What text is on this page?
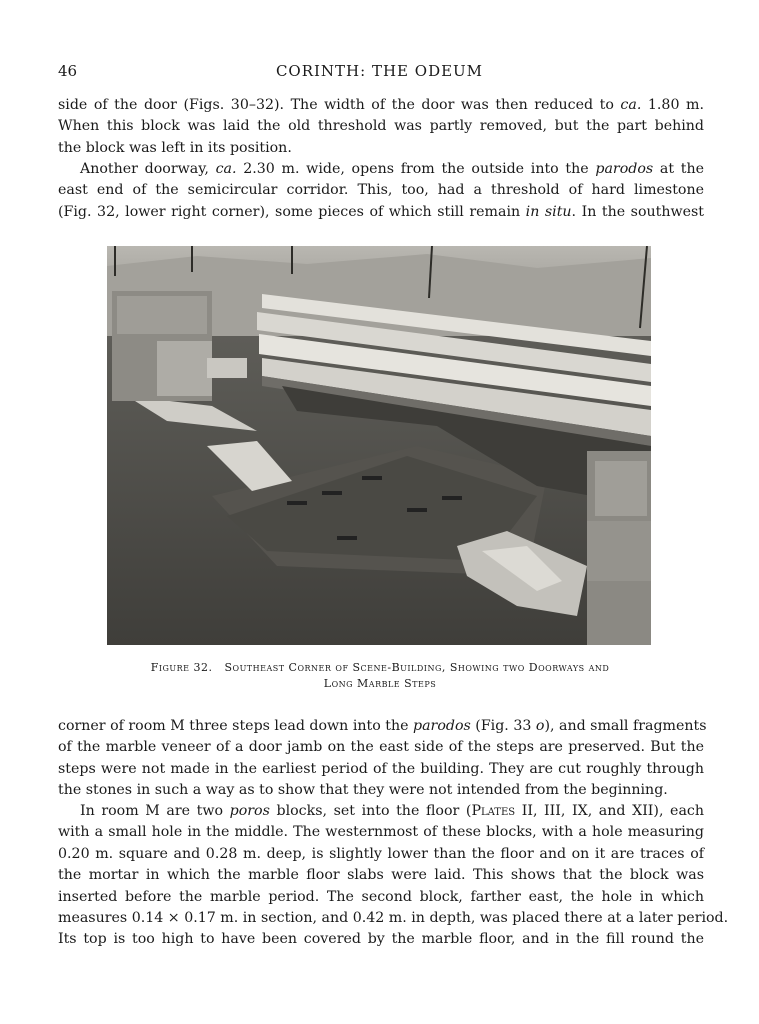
46	CORINTH: THE ODEUM
side of the door (Figs. 30–32). The width of the door was then reduced to ca. 1.80 m.
When this block was laid the old threshold was partly removed, but the part behind
the block was left in its position.
Another doorway, ca. 2.30 m. wide, opens from the outside into the parodos at the
east end of the semicircular corridor. This, too, had a threshold of hard limestone
(Fig. 32, lower right corner), some pieces of which still remain in situ. In the southwest
Figure 32. Southeast Corner of Scene-Building, Showing two Doorways and
Long Marble Steps
corner of room M three steps lead down into the parodos (Fig. 33 o), and small fragments
of the marble veneer of a door jamb on the east side of the steps are preserved. But the
steps were not made in the earliest period of the building. They are cut roughly through
the stones in such a way as to show that they were not intended from the beginning.
In room M are two poros blocks, set into the floor (Plates II, III, IX, and XII), each
with a small hole in the middle. The westernmost of these blocks, with a hole measuring
0.20 m. square and 0.28 m. deep, is slightly lower than the floor and on it are traces of
the mortar in which the marble floor slabs were laid. This shows that the block was
inserted before the marble period. The second block, farther east, the hole in which
measures 0.14 × 0.17 m. in section, and 0.42 m. in depth, was placed there at a later period.
Its top is too high to have been covered by the marble floor, and in the fill round the
